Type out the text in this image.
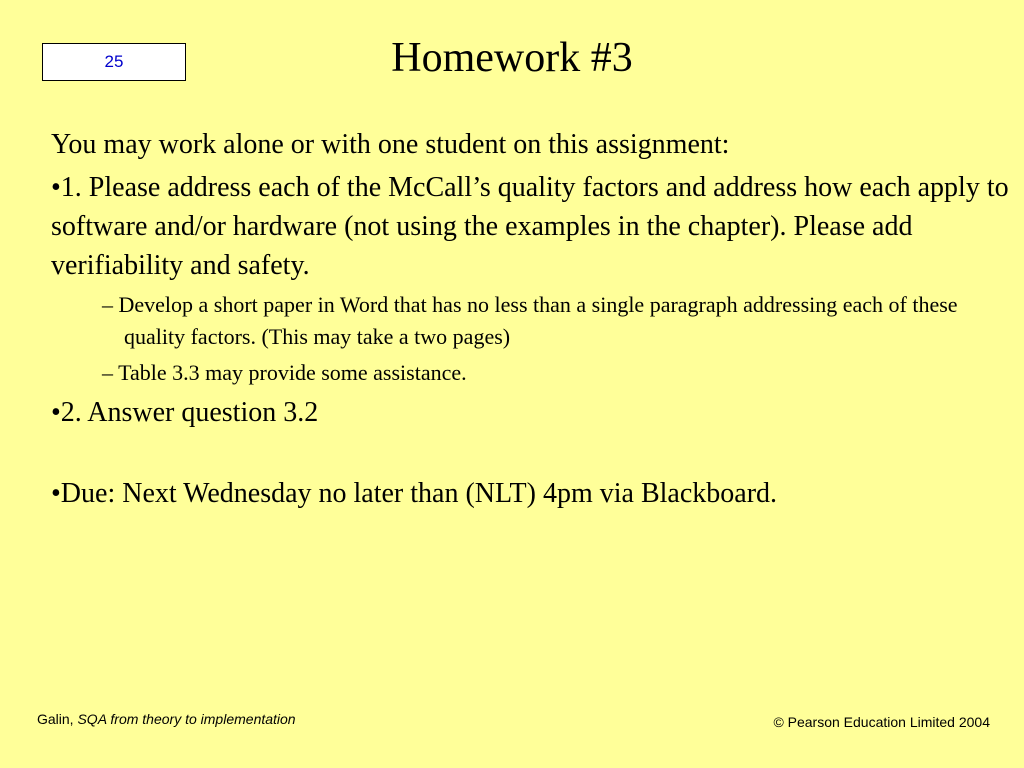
25	Homework #3

You may work alone or with one student on this assignment:

•1. Please address each of the McCall’s quality factors and address how each apply to software and/or hardware (not using the examples in the chapter). Please add verifiability and safety.

– Develop a short paper in Word that has no less than a single paragraph addressing each of these quality factors. (This may take a two pages)

– Table 3.3 may provide some assistance.

•2. Answer question 3.2

•Due: Next Wednesday no later than (NLT) 4pm via Blackboard.

Galin, SQA from theory to implementation	© Pearson Education Limited 2004
